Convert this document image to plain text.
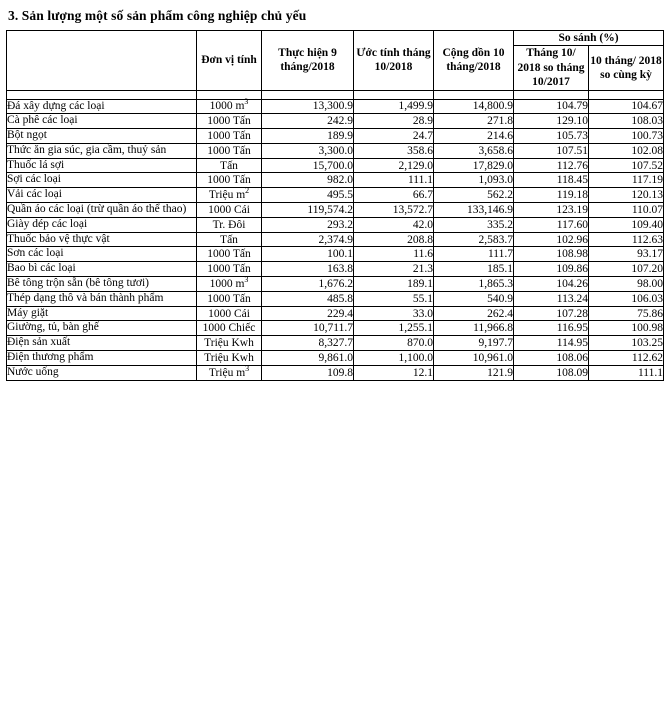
3. Sản lượng một số sản phẩm công nghiệp chủ yếu
	Đơn vị tính	Thực hiện 9 tháng/2018	Ước tính tháng 10/2018	Cộng dồn 10 tháng/2018	So sánh (%)	
					Tháng 10/ 2018 so tháng 10/2017	10 tháng/ 2018 so cùng kỳ

Đá xây dựng các loại	1000 $m^3$	13,300.9	1,499.9	14,800.9	104.79	104.67
Cà phê các loại	1000 Tấn	242.9	28.9	271.8	129.10	108.03
Bột ngọt	1000 Tấn	189.9	24.7	214.6	105.73	100.73
Thức ăn gia súc, gia cầm, thuỷ sản	1000 Tấn	3,300.0	358.6	3,658.6	107.51	102.08
Thuốc lá sợi	Tấn	15,700.0	2,129.0	17,829.0	112.76	107.52
Sợi các loại	1000 Tấn	982.0	111.1	1,093.0	118.45	117.19
Vải các loại	Triệu $m^2$	495.5	66.7	562.2	119.18	120.13
Quần áo các loại (trừ quần áo thể thao)	1000 Cái	119,574.2	13,572.7	133,146.9	123.19	110.07
Giày dép các loại	Tr. Đôi	293.2	42.0	335.2	117.60	109.40
Thuốc bảo vệ thực vật	Tấn	2,374.9	208.8	2,583.7	102.96	112.63
Sơn các loại	1000 Tấn	100.1	11.6	111.7	108.98	93.17
Bao bì các loại	1000 Tấn	163.8	21.3	185.1	109.86	107.20
Bê tông trộn sẵn (bê tông tươi)	1000 $m^3$	1,676.2	189.1	1,865.3	104.26	98.00
Thép dạng thô và bán thành phẩm	1000 Tấn	485.8	55.1	540.9	113.24	106.03
Máy giặt	1000 Cái	229.4	33.0	262.4	107.28	75.86
Giường, tủ, bàn ghế	1000 Chiếc	10,711.7	1,255.1	11,966.8	116.95	100.98
Điện sản xuất	Triệu Kwh	8,327.7	870.0	9,197.7	114.95	103.25
Điện thương phẩm	Triệu Kwh	9,861.0	1,100.0	10,961.0	108.06	112.62
Nước uống	Triệu $m^3$	109.8	12.1	121.9	108.09	111.1
